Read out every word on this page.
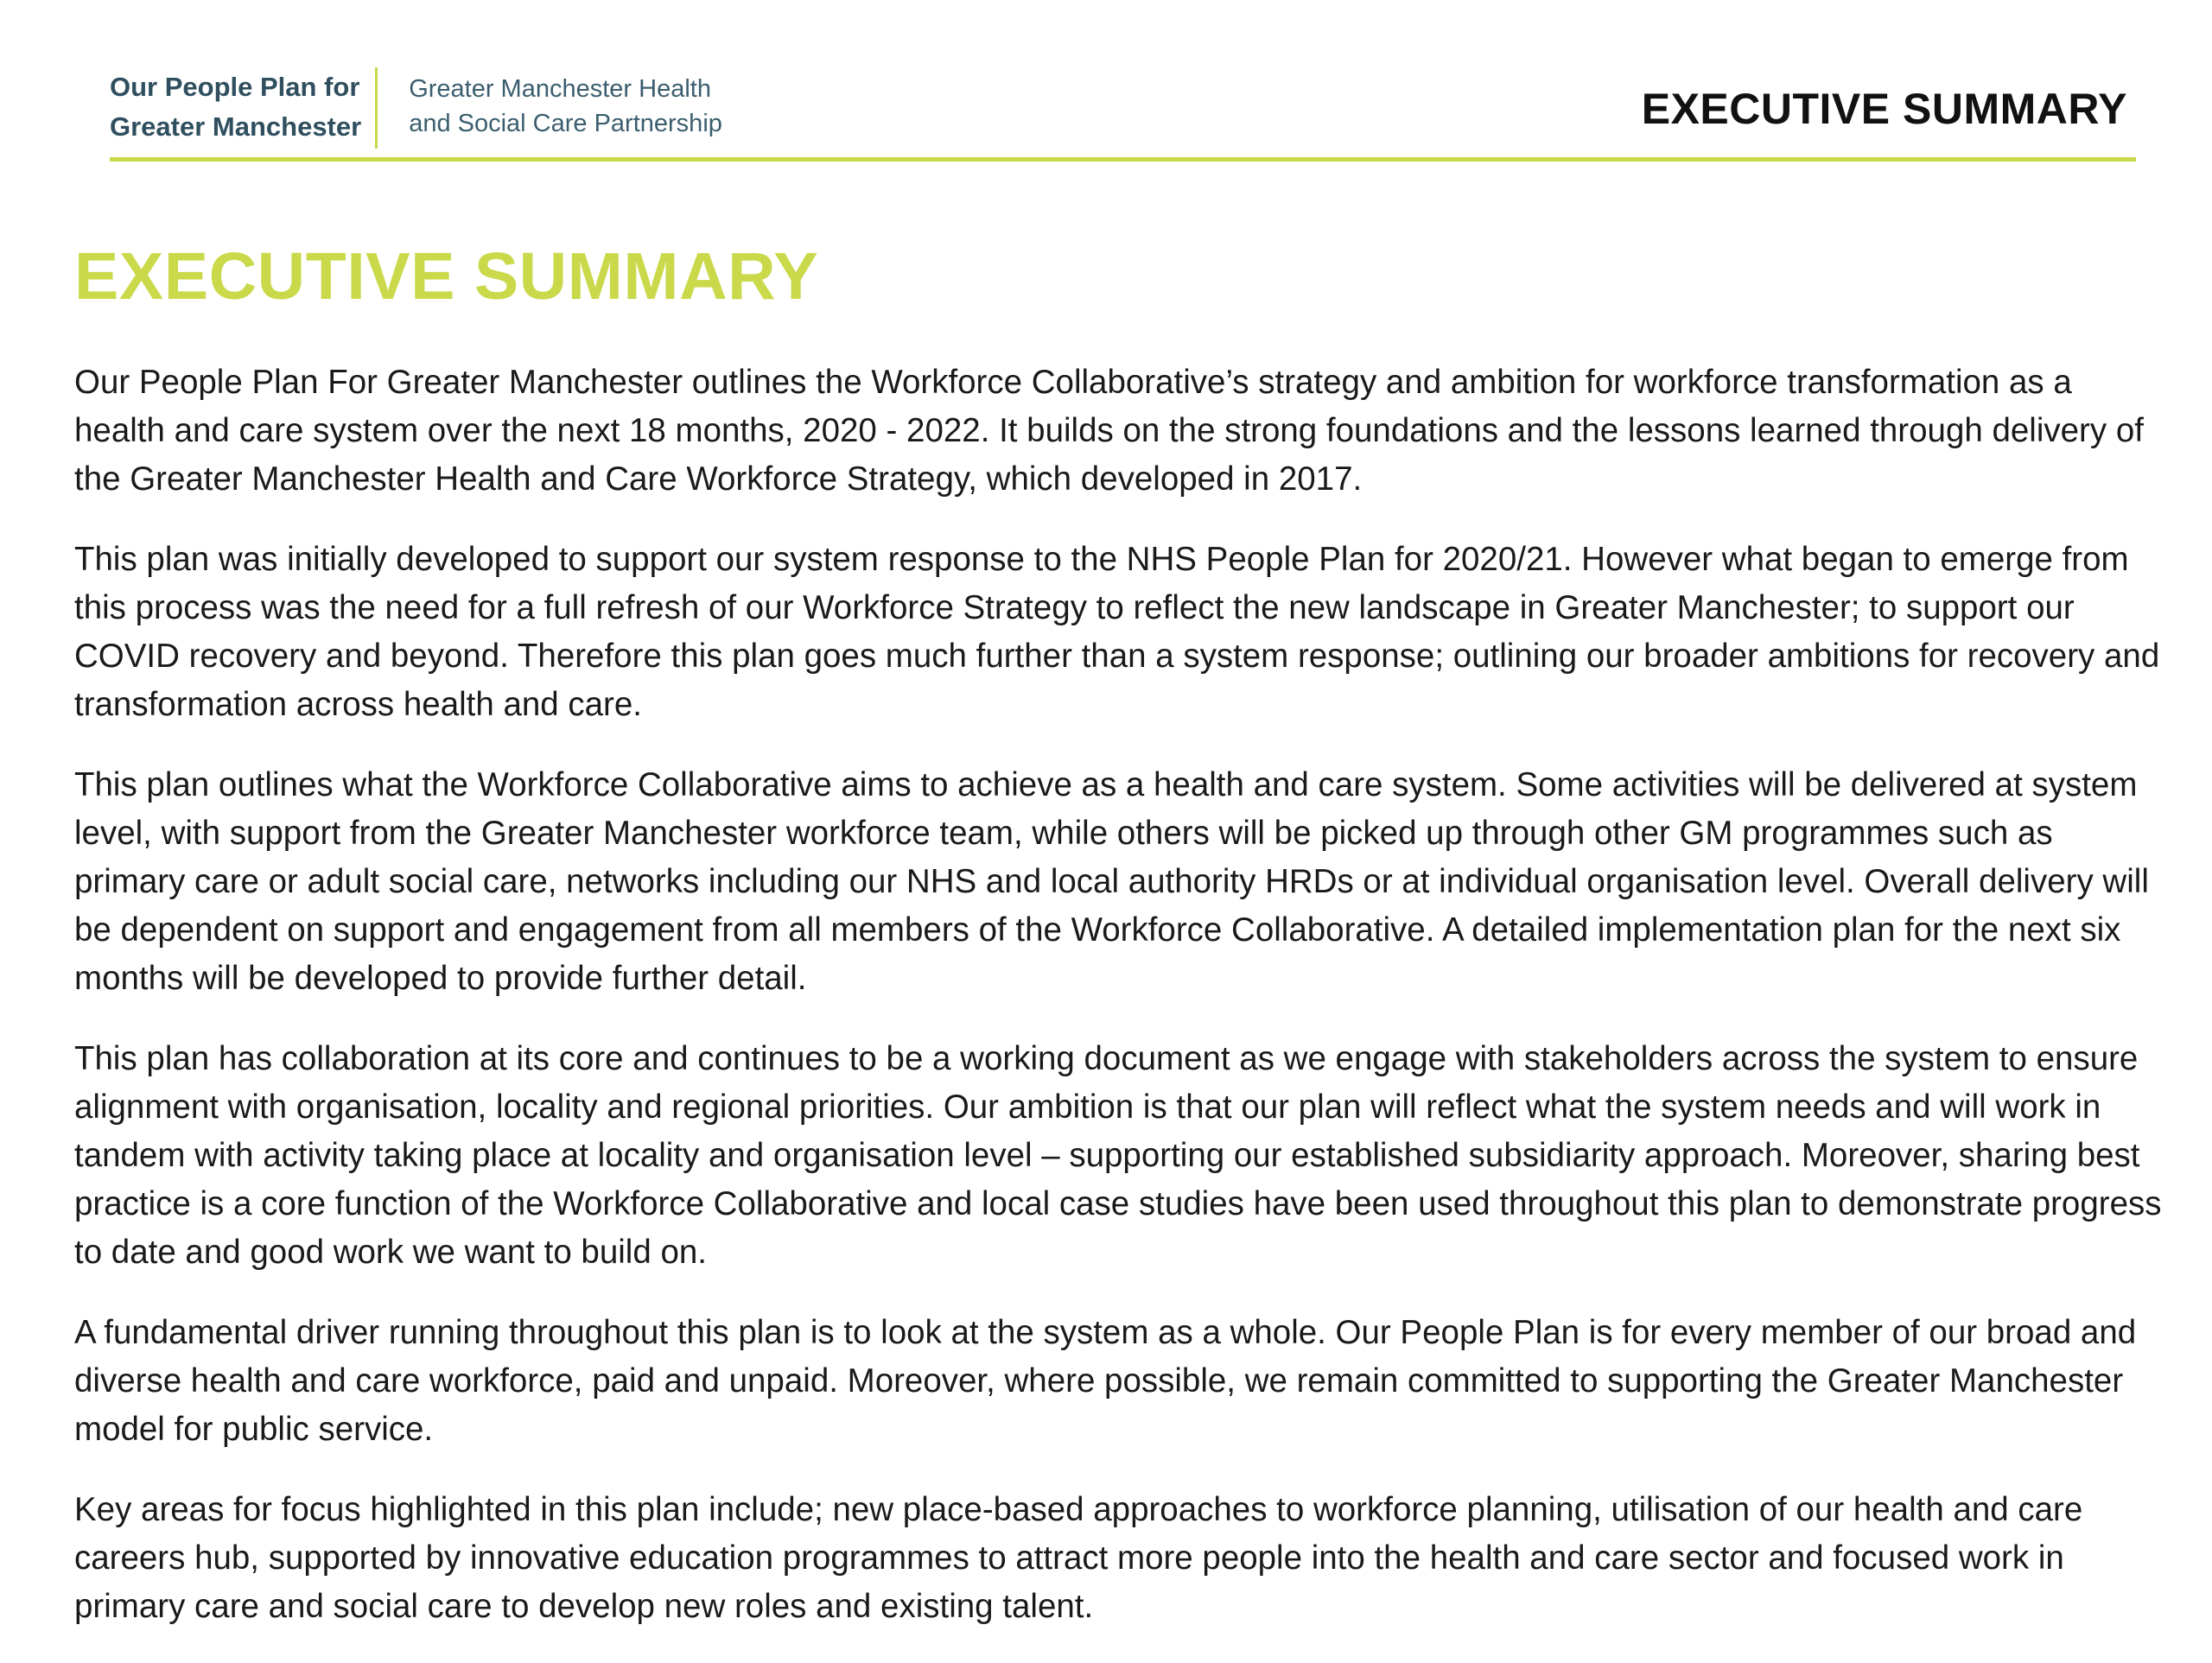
Our People Plan for
Greater Manchester
Greater Manchester Health
and Social Care Partnership	EXECUTIVE SUMMARY
EXECUTIVE SUMMARY

Our People Plan For Greater Manchester outlines the Workforce Collaborative’s strategy and ambition for workforce transformation as a health and care system over the next 18 months, 2020 - 2022. It builds on the strong foundations and the lessons learned through delivery of the Greater Manchester Health and Care Workforce Strategy, which developed in 2017.

This plan was initially developed to support our system response to the NHS People Plan for 2020/21. However what began to emerge from this process was the need for a full refresh of our Workforce Strategy to reflect the new landscape in Greater Manchester; to support our COVID recovery and beyond. Therefore this plan goes much further than a system response; outlining our broader ambitions for recovery and transformation across health and care.

This plan outlines what the Workforce Collaborative aims to achieve as a health and care system. Some activities will be delivered at system level, with support from the Greater Manchester workforce team, while others will be picked up through other GM programmes such as primary care or adult social care, networks including our NHS and local authority HRDs or at individual organisation level. Overall delivery will be dependent on support and engagement from all members of the Workforce Collaborative. A detailed implementation plan for the next six months will be developed to provide further detail.

This plan has collaboration at its core and continues to be a working document as we engage with stakeholders across the system to ensure alignment with organisation, locality and regional priorities. Our ambition is that our plan will reflect what the system needs and will work in tandem with activity taking place at locality and organisation level – supporting our established subsidiarity approach. Moreover, sharing best practice is a core function of the Workforce Collaborative and local case studies have been used throughout this plan to demonstrate progress to date and good work we want to build on.

A fundamental driver running throughout this plan is to look at the system as a whole. Our People Plan is for every member of our broad and diverse health and care workforce, paid and unpaid. Moreover, where possible, we remain committed to supporting the Greater Manchester model for public service.

Key areas for focus highlighted in this plan include; new place-based approaches to workforce planning, utilisation of our health and care careers hub, supported by innovative education programmes to attract more people into the health and care sector and focused work in primary care and social care to develop new roles and existing talent.
